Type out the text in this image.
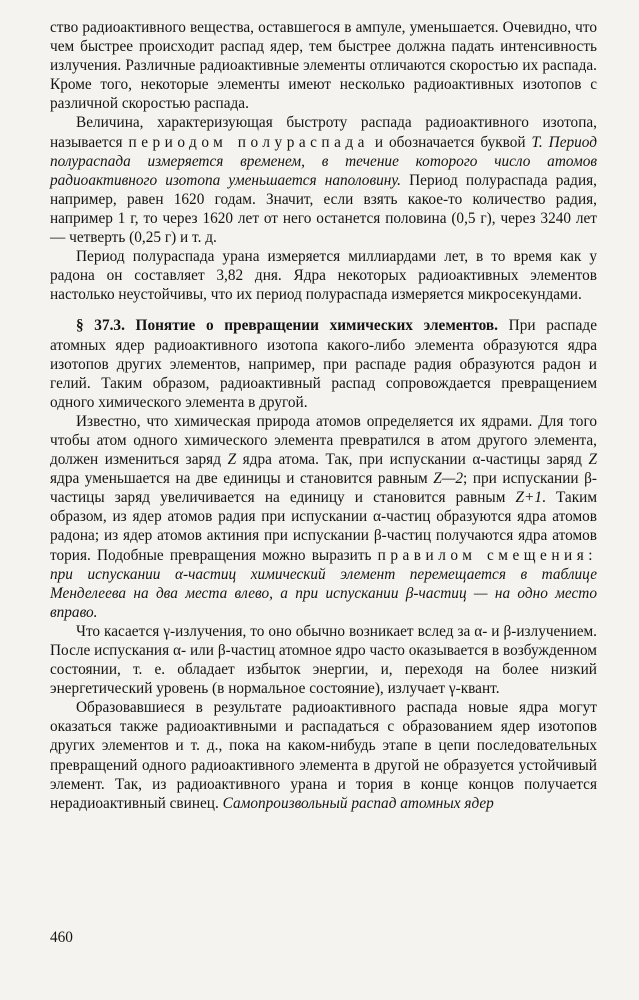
ство радиоактивного вещества, оставшегося в ампуле, уменьшается. Очевидно, что чем быстрее происходит распад ядер, тем быстрее должна падать интенсивность излучения. Различные радиоактивные элементы отличаются скоростью их распада. Кроме того, некоторые элементы имеют несколько радиоактивных изотопов с различной скоростью распада.

Величина, характеризующая быстроту распада радиоактивного изотопа, называется периодом полураспада и обозначается буквой T. Период полураспада измеряется временем, в течение которого число атомов радиоактивного изотопа уменьшается наполовину. Период полураспада радия, например, равен 1620 годам. Значит, если взять какое-то количество радия, например 1 г, то через 1620 лет от него останется половина (0,5 г), через 3240 лет — четверть (0,25 г) и т. д.

Период полураспада урана измеряется миллиардами лет, в то время как у радона он составляет 3,82 дня. Ядра некоторых радиоактивных элементов настолько неустойчивы, что их период полураспада измеряется микросекундами.

§ 37.3. Понятие о превращении химических элементов. При распаде атомных ядер радиоактивного изотопа какого-либо элемента образуются ядра изотопов других элементов, например, при распаде радия образуются радон и гелий. Таким образом, радиоактивный распад сопровождается превращением одного химического элемента в другой.

Известно, что химическая природа атомов определяется их ядрами. Для того чтобы атом одного химического элемента превратился в атом другого элемента, должен измениться заряд Z ядра атома. Так, при испускании α-частицы заряд Z ядра уменьшается на две единицы и становится равным Z—2; при испускании β-частицы заряд увеличивается на единицу и становится равным Z+1. Таким образом, из ядер атомов радия при испускании α-частиц образуются ядра атомов радона; из ядер атомов актиния при испускании β-частиц получаются ядра атомов тория. Подобные превращения можно выразить правилом смещения: при испускании α-частиц химический элемент перемещается в таблице Менделеева на два места влево, а при испускании β-частиц — на одно место вправо.

Что касается γ-излучения, то оно обычно возникает вслед за α- и β-излучением. После испускания α- или β-частиц атомное ядро часто оказывается в возбужденном состоянии, т. е. обладает избыток энергии, и, переходя на более низкий энергетический уровень (в нормальное состояние), излучает γ-квант.

Образовавшиеся в результате радиоактивного распада новые ядра могут оказаться также радиоактивными и распадаться с образованием ядер изотопов других элементов и т. д., пока на каком-нибудь этапе в цепи последовательных превращений одного радиоактивного элемента в другой не образуется устойчивый элемент. Так, из радиоактивного урана и тория в конце концов получается нерадиоактивный свинец. Самопроизвольный распад атомных ядер

460
